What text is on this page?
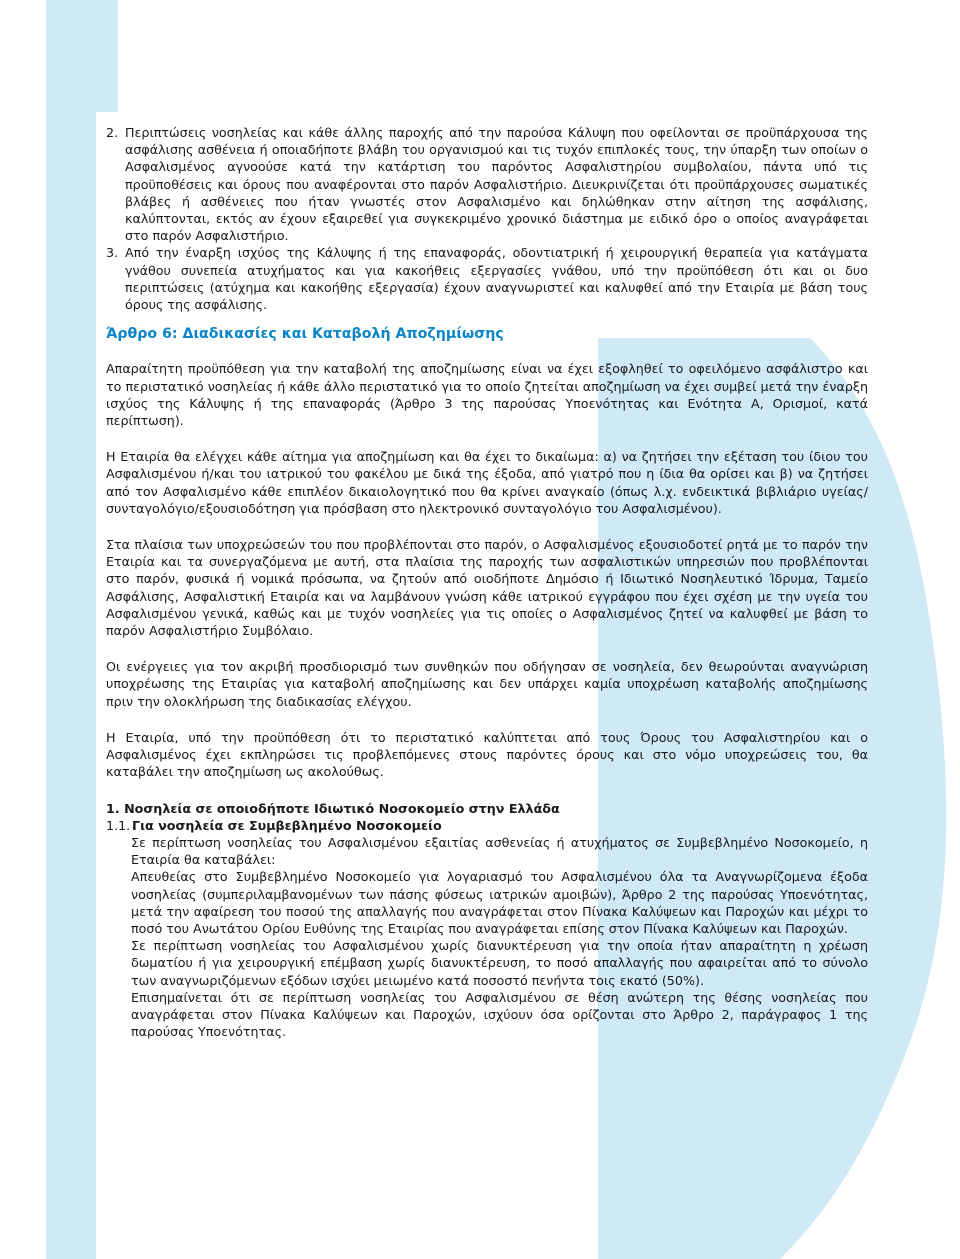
2. Περιπτώσεις νοσηλείας και κάθε άλλης παροχής από την παρούσα Κάλυψη που οφείλονται σε προϋπάρχουσα της ασφάλισης ασθένεια ή οποιαδήποτε βλάβη του οργανισμού και τις τυχόν επιπλοκές τους, την ύπαρξη των οποίων ο Ασφαλισμένος αγνοούσε κατά την κατάρτιση του παρόντος Ασφαλιστηρίου συμβολαίου, πάντα υπό τις προϋποθέσεις και όρους που αναφέρονται στο παρόν Ασφαλιστήριο. Διευκρινίζεται ότι προϋπάρχουσες σωματικές βλάβες ή ασθένειες που ήταν γνωστές στον Ασφαλισμένο και δηλώθηκαν στην αίτηση της ασφάλισης, καλύπτονται, εκτός αν έχουν εξαιρεθεί για συγκεκριμένο χρονικό διάστημα με ειδικό όρο ο οποίος αναγράφεται στο παρόν Ασφαλιστήριο.
3. Από την έναρξη ισχύος της Κάλυψης ή της επαναφοράς, οδοντιατρική ή χειρουργική θεραπεία για κατάγματα γνάθου συνεπεία ατυχήματος και για κακοήθεις εξεργασίες γνάθου, υπό την προϋπόθεση ότι και οι δυο περιπτώσεις (ατύχημα και κακοήθης εξεργασία) έχουν αναγνωριστεί και καλυφθεί από την Εταιρία με βάση τους όρους της ασφάλισης.
Άρθρο 6: Διαδικασίες και Καταβολή Αποζημίωσης

Απαραίτητη προϋπόθεση για την καταβολή της αποζημίωσης είναι να έχει εξοφληθεί το οφειλόμενο ασφάλιστρο και το περιστατικό νοσηλείας ή κάθε άλλο περιστατικό για το οποίο ζητείται αποζημίωση να έχει συμβεί μετά την έναρξη ισχύος της Κάλυψης ή της επαναφοράς (Άρθρο 3 της παρούσας Υποενότητας και Ενότητα Α, Ορισμοί, κατά περίπτωση).

Η Εταιρία θα ελέγχει κάθε αίτημα για αποζημίωση και θα έχει το δικαίωμα: α) να ζητήσει την εξέταση του ίδιου του Ασφαλισμένου ή/και του ιατρικού του φακέλου με δικά της έξοδα, από γιατρό που η ίδια θα ορίσει και β) να ζητήσει από τον Ασφαλισμένο κάθε επιπλέον δικαιολογητικό που θα κρίνει αναγκαίο (όπως λ.χ. ενδεικτικά βιβλιάριο υγείας/συνταγολόγιο/εξουσιοδότηση για πρόσβαση στο ηλεκτρονικό συνταγολόγιο του Ασφαλισμένου).

Στα πλαίσια των υποχρεώσεών του που προβλέπονται στο παρόν, ο Ασφαλισμένος εξουσιοδοτεί ρητά με το παρόν την Εταιρία και τα συνεργαζόμενα με αυτή, στα πλαίσια της παροχής των ασφαλιστικών υπηρεσιών που προβλέπονται στο παρόν, φυσικά ή νομικά πρόσωπα, να ζητούν από οιοδήποτε Δημόσιο ή Ιδιωτικό Νοσηλευτικό Ίδρυμα, Ταμείο Ασφάλισης, Ασφαλιστική Εταιρία και να λαμβάνουν γνώση κάθε ιατρικού εγγράφου που έχει σχέση με την υγεία του Ασφαλισμένου γενικά, καθώς και με τυχόν νοσηλείες για τις οποίες ο Ασφαλισμένος ζητεί να καλυφθεί με βάση το παρόν Ασφαλιστήριο Συμβόλαιο.

Οι ενέργειες για τον ακριβή προσδιορισμό των συνθηκών που οδήγησαν σε νοσηλεία, δεν θεωρούνται αναγνώριση υποχρέωσης της Εταιρίας για καταβολή αποζημίωσης και δεν υπάρχει καμία υποχρέωση καταβολής αποζημίωσης πριν την ολοκλήρωση της διαδικασίας ελέγχου.

Η Εταιρία, υπό την προϋπόθεση ότι το περιστατικό καλύπτεται από τους Όρους του Ασφαλιστηρίου και ο Ασφαλισμένος έχει εκπληρώσει τις προβλεπόμενες στους παρόντες όρους και στο νόμο υποχρεώσεις του, θα καταβάλει την αποζημίωση ως ακολούθως.

1. Νοσηλεία σε οποιοδήποτε Ιδιωτικό Νοσοκομείο στην Ελλάδα
1.1. Για νοσηλεία σε Συμβεβλημένο Νοσοκομείο

Σε περίπτωση νοσηλείας του Ασφαλισμένου εξαιτίας ασθενείας ή ατυχήματος σε Συμβεβλημένο Νοσοκομείο, η Εταιρία θα καταβάλει:

Απευθείας στο Συμβεβλημένο Νοσοκομείο για λογαριασμό του Ασφαλισμένου όλα τα Αναγνωρίζομενα έξοδα νοσηλείας (συμπεριλαμβανομένων των πάσης φύσεως ιατρικών αμοιβών), Άρθρο 2 της παρούσας Υποενότητας, μετά την αφαίρεση του ποσού της απαλλαγής που αναγράφεται στον Πίνακα Καλύψεων και Παροχών και μέχρι το ποσό του Ανωτάτου Ορίου Ευθύνης της Εταιρίας που αναγράφεται επίσης στον Πίνακα Καλύψεων και Παροχών.

Σε περίπτωση νοσηλείας του Ασφαλισμένου χωρίς διανυκτέρευση για την οποία ήταν απαραίτητη η χρέωση δωματίου ή για χειρουργική επέμβαση χωρίς διανυκτέρευση, το ποσό απαλλαγής που αφαιρείται από το σύνολο των αναγνωριζόμενων εξόδων ισχύει μειωμένο κατά ποσοστό πενήντα τοις εκατό (50%).

Επισημαίνεται ότι σε περίπτωση νοσηλείας του Ασφαλισμένου σε θέση ανώτερη της θέσης νοσηλείας που αναγράφεται στον Πίνακα Καλύψεων και Παροχών, ισχύουν όσα ορίζονται στο Άρθρο 2, παράγραφος 1 της παρούσας Υποενότητας.
